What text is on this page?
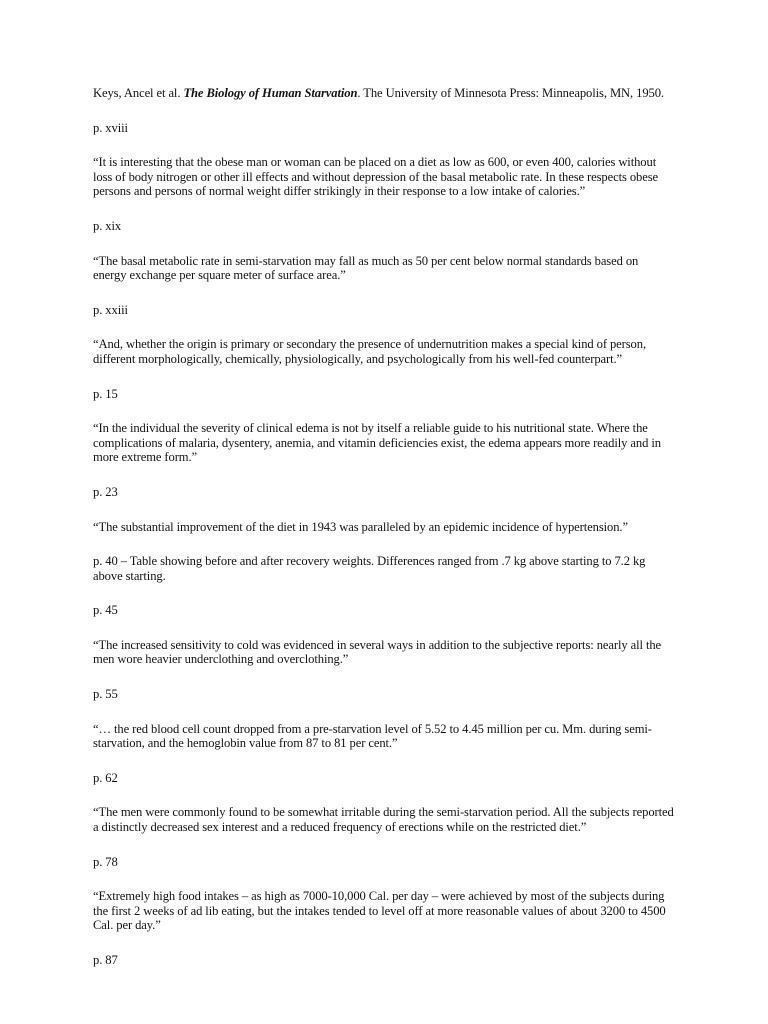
Keys, Ancel et al. The Biology of Human Starvation. The University of Minnesota Press: Minneapolis, MN, 1950.

p. xviii

“It is interesting that the obese man or woman can be placed on a diet as low as 600, or even 400, calories without loss of body nitrogen or other ill effects and without depression of the basal metabolic rate. In these respects obese persons and persons of normal weight differ strikingly in their response to a low intake of calories.”

p. xix

“The basal metabolic rate in semi-starvation may fall as much as 50 per cent below normal standards based on energy exchange per square meter of surface area.”

p. xxiii

“And, whether the origin is primary or secondary the presence of undernutrition makes a special kind of person, different morphologically, chemically, physiologically, and psychologically from his well-fed counterpart.”

p. 15

“In the individual the severity of clinical edema is not by itself a reliable guide to his nutritional state. Where the complications of malaria, dysentery, anemia, and vitamin deficiencies exist, the edema appears more readily and in more extreme form.”

p. 23

“The substantial improvement of the diet in 1943 was paralleled by an epidemic incidence of hypertension.”

p. 40 – Table showing before and after recovery weights. Differences ranged from .7 kg above starting to 7.2 kg above starting.

p. 45

“The increased sensitivity to cold was evidenced in several ways in addition to the subjective reports: nearly all the men wore heavier underclothing and overclothing.”

p. 55

“… the red blood cell count dropped from a pre-starvation level of 5.52 to 4.45 million per cu. Mm. during semi-starvation, and the hemoglobin value from 87 to 81 per cent.”

p. 62

“The men were commonly found to be somewhat irritable during the semi-starvation period. All the subjects reported a distinctly decreased sex interest and a reduced frequency of erections while on the restricted diet.”

p. 78

“Extremely high food intakes – as high as 7000-10,000 Cal. per day – were achieved by most of the subjects during the first 2 weeks of ad lib eating, but the intakes tended to level off at more reasonable values of about 3200 to 4500 Cal. per day.”

p. 87
